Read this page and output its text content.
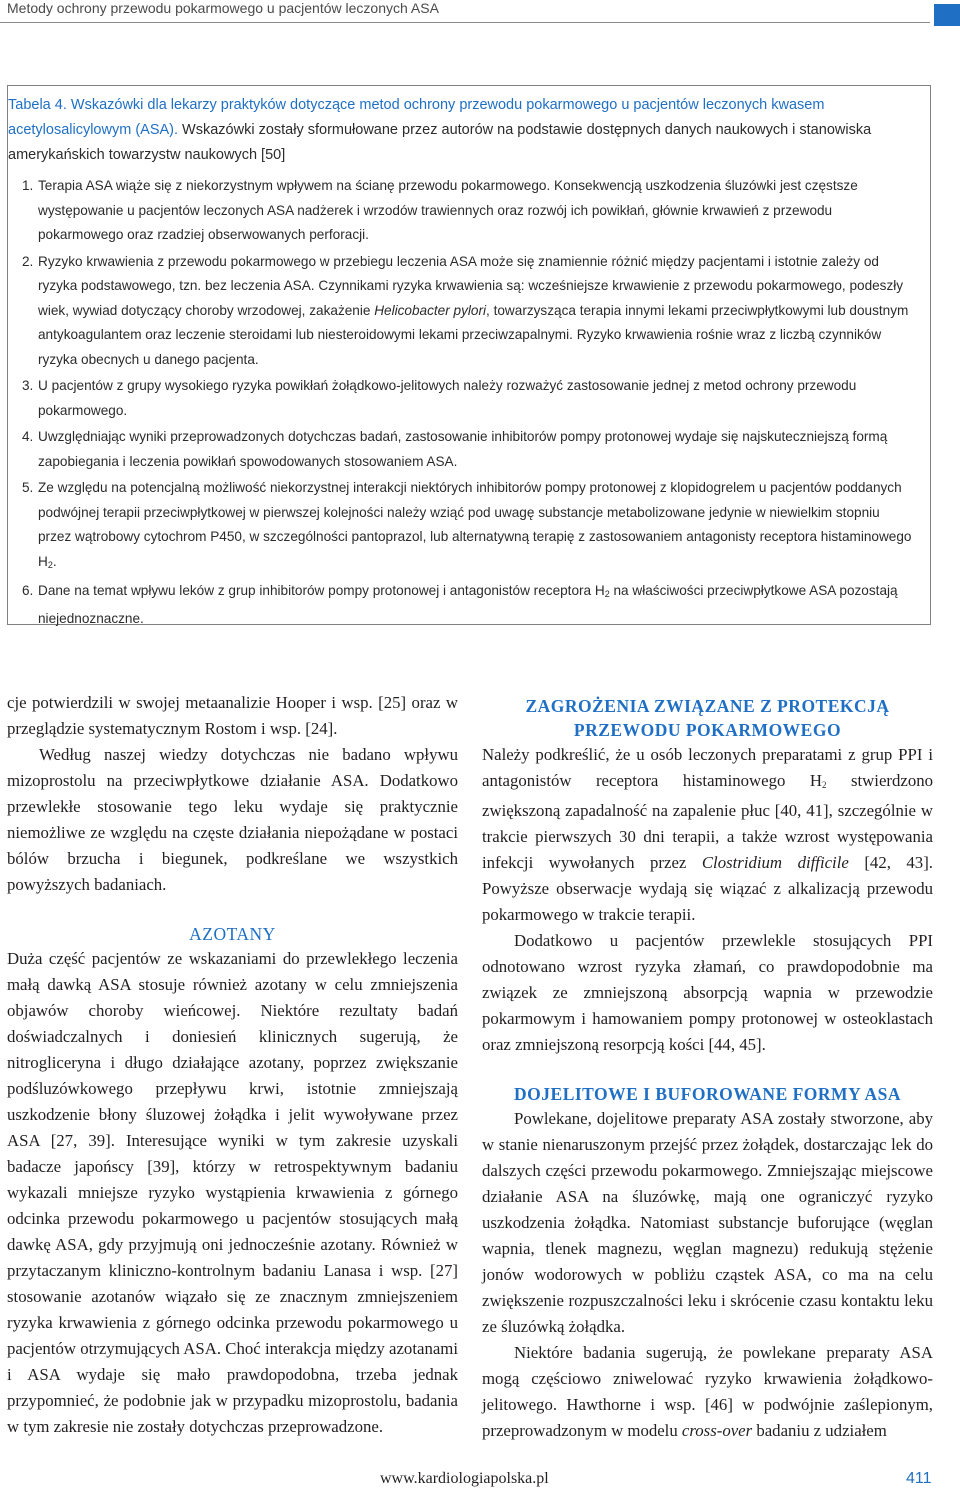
Metody ochrony przewodu pokarmowego u pacjentów leczonych ASA
Tabela 4. Wskazówki dla lekarzy praktyków dotyczące metod ochrony przewodu pokarmowego u pacjentów leczonych kwasem acetylosalicylowym (ASA). Wskazówki zostały sformułowane przez autorów na podstawie dostępnych danych naukowych i stanowiska amerykańskich towarzystw naukowych [50]
1. Terapia ASA wiąże się z niekorzystnym wpływem na ścianę przewodu pokarmowego. Konsekwencją uszkodzenia śluzówki jest częstsze występowanie u pacjentów leczonych ASA nadżerek i wrzodów trawiennych oraz rozwój ich powikłań, głównie krwawień z przewodu pokarmowego oraz rzadziej obserwowanych perforacji.
2. Ryzyko krwawienia z przewodu pokarmowego w przebiegu leczenia ASA może się znamiennie różnić między pacjentami i istotnie zależy od ryzyka podstawowego, tzn. bez leczenia ASA. Czynnikami ryzyka krwawienia są: wcześniejsze krwawienie z przewodu pokarmowego, podeszły wiek, wywiad dotyczący choroby wrzodowej, zakażenie Helicobacter pylori, towarzysząca terapia innymi lekami przeciwpłytkowymi lub doustnym antykoagulantem oraz leczenie steroidami lub niesteroidowymi lekami przeciwzapalnymi. Ryzyko krwawienia rośnie wraz z liczbą czynników ryzyka obecnych u danego pacjenta.
3. U pacjentów z grupy wysokiego ryzyka powikłań żołądkowo-jelitowych należy rozważyć zastosowanie jednej z metod ochrony przewodu pokarmowego.
4. Uwzględniając wyniki przeprowadzonych dotychczas badań, zastosowanie inhibitorów pompy protonowej wydaje się najskuteczniejszą formą zapobiegania i leczenia powikłań spowodowanych stosowaniem ASA.
5. Ze względu na potencjalną możliwość niekorzystnej interakcji niektórych inhibitorów pompy protonowej z klopidogrelem u pacjentów poddanych podwójnej terapii przeciwpłytkowej w pierwszej kolejności należy wziąć pod uwagę substancje metabolizowane jedynie w niewielkim stopniu przez wątrobowy cytochrom P450, w szczególności pantoprazol, lub alternatywną terapię z zastosowaniem antagonisty receptora histaminowego $H_2$.
6. Dane na temat wpływu leków z grup inhibitorów pompy protonowej i antagonistów receptora $H_2$ na właściwości przeciwpłytkowe ASA pozostają niejednoznaczne.

cje potwierdzili w swojej metaanalizie Hooper i wsp. [25] oraz w przeglądzie systematycznym Rostom i wsp. [24].

Według naszej wiedzy dotychczas nie badano wpływu mizoprostolu na przeciwpłytkowe działanie ASA. Dodatkowo przewlekłe stosowanie tego leku wydaje się praktycznie niemożliwe ze względu na częste działania niepożądane w postaci bólów brzucha i biegunek, podkreślane we wszystkich powyższych badaniach.

AZOTANY

Duża część pacjentów ze wskazaniami do przewlekłego leczenia małą dawką ASA stosuje również azotany w celu zmniejszenia objawów choroby wieńcowej. Niektóre rezultaty badań doświadczalnych i doniesień klinicznych sugerują, że nitrogliceryna i długo działające azotany, poprzez zwiększanie podśluzówkowego przepływu krwi, istotnie zmniejszają uszkodzenie błony śluzowej żołądka i jelit wywoływane przez ASA [27, 39]. Interesujące wyniki w tym zakresie uzyskali badacze japońscy [39], którzy w retrospektywnym badaniu wykazali mniejsze ryzyko wystąpienia krwawienia z górnego odcinka przewodu pokarmowego u pacjentów stosujących małą dawkę ASA, gdy przyjmują oni jednocześnie azotany. Również w przytaczanym kliniczno-kontrolnym badaniu Lanasa i wsp. [27] stosowanie azotanów wiązało się ze znacznym zmniejszeniem ryzyka krwawienia z górnego odcinka przewodu pokarmowego u pacjentów otrzymujących ASA. Choć interakcja między azotanami i ASA wydaje się mało prawdopodobna, trzeba jednak przypomnieć, że podobnie jak w przypadku mizoprostolu, badania w tym zakresie nie zostały dotychczas przeprowadzone.

ZAGROŻENIA ZWIĄZANE Z PROTEKCJĄ PRZEWODU POKARMOWEGO

Należy podkreślić, że u osób leczonych preparatami z grup PPI i antagonistów receptora histaminowego $H_2$ stwierdzono zwiększoną zapadalność na zapalenie płuc [40, 41], szczególnie w trakcie pierwszych 30 dni terapii, a także wzrost występowania infekcji wywołanych przez Clostridium difficile [42, 43]. Powyższe obserwacje wydają się wiązać z alkalizacją przewodu pokarmowego w trakcie terapii.

Dodatkowo u pacjentów przewlekle stosujących PPI odnotowano wzrost ryzyka złamań, co prawdopodobnie ma związek ze zmniejszoną absorpcją wapnia w przewodzie pokarmowym i hamowaniem pompy protonowej w osteoklastach oraz zmniejszoną resorpcją kości [44, 45].

DOJELITOWE I BUFOROWANE FORMY ASA

Powlekane, dojelitowe preparaty ASA zostały stworzone, aby w stanie nienaruszonym przejść przez żołądek, dostarczając lek do dalszych części przewodu pokarmowego. Zmniejszając miejscowe działanie ASA na śluzówkę, mają one ograniczyć ryzyko uszkodzenia żołądka. Natomiast substancje buforujące (węglan wapnia, tlenek magnezu, węglan magnezu) redukują stężenie jonów wodorowych w pobliżu cząstek ASA, co ma na celu zwiększenie rozpuszczalności leku i skrócenie czasu kontaktu leku ze śluzówką żołądka.

Niektóre badania sugerują, że powlekane preparaty ASA mogą częściowo zniwelować ryzyko krwawienia żołądkowo-jelitowego. Hawthorne i wsp. [46] w podwójnie zaślepionym, przeprowadzonym w modelu cross-over badaniu z udziałem

www.kardiologiapolska.pl	411
